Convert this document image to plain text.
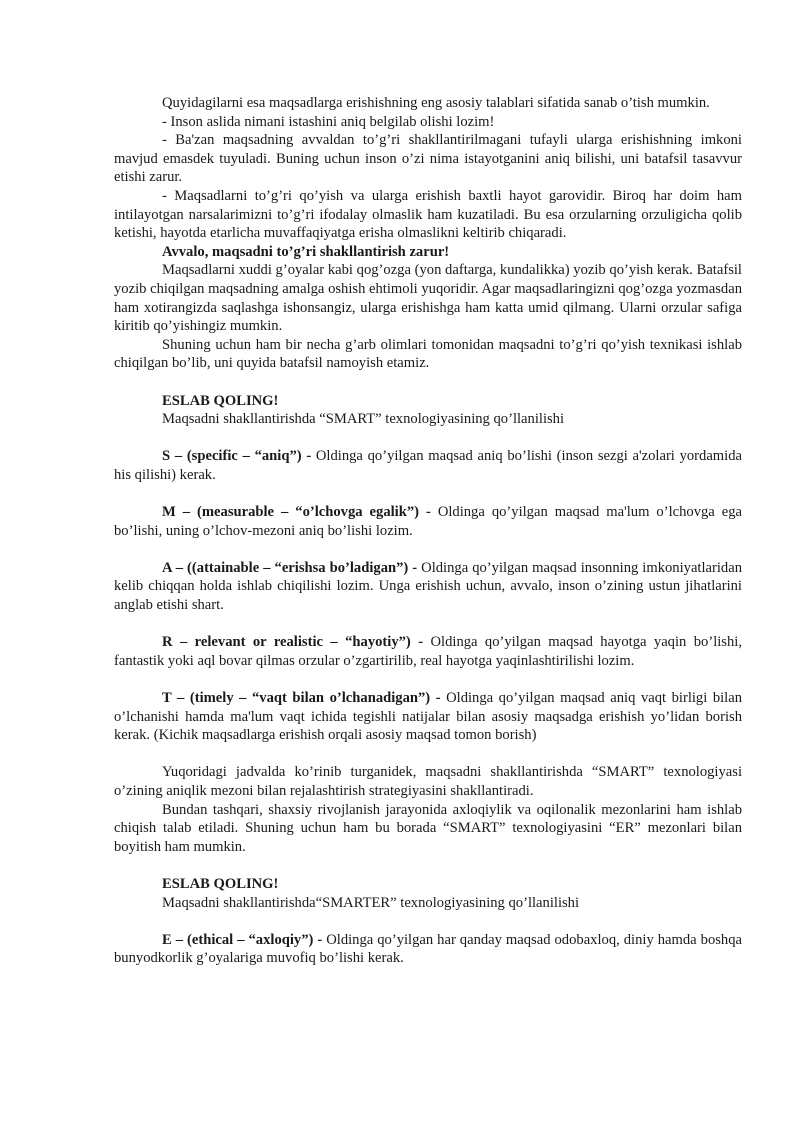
Quyidagilarni esa maqsadlarga erishishning eng asosiy talablari sifatida sanab o’tish mumkin.

- Inson aslida nimani istashini aniq belgilab olishi lozim!

- Ba'zan maqsadning avvaldan to’g’ri shakllantirilmagani tufayli ularga erishishning imkoni mavjud emasdek tuyuladi. Buning uchun inson o’zi nima istayotganini aniq bilishi, uni batafsil tasavvur etishi zarur.

- Maqsadlarni to’g’ri qo’yish va ularga erishish baxtli hayot garovidir. Biroq har doim ham intilayotgan narsalarimizni to’g’ri ifodalay olmaslik ham kuzatiladi. Bu esa orzularning orzuligicha qolib ketishi, hayotda etarlicha muvaffaqiyatga erisha olmaslikni keltirib chiqaradi.

Avvalo, maqsadni to’g’ri shakllantirish zarur!

Maqsadlarni xuddi g’oyalar kabi qog’ozga (yon daftarga, kundalikka) yozib qo’yish kerak. Batafsil yozib chiqilgan maqsadning amalga oshish ehtimoli yuqoridir. Agar maqsadlaringizni qog’ozga yozmasdan ham xotirangizda saqlashga ishonsangiz, ularga erishishga ham katta umid qilmang. Ularni orzular safiga kiritib qo’yishingiz mumkin.

Shuning uchun ham bir necha g’arb olimlari tomonidan maqsadni to’g’ri qo’yish texnikasi ishlab chiqilgan bo’lib, uni quyida batafsil namoyish etamiz.

ESLAB QOLING!

Maqsadni shakllantirishda “SMART” texnologiyasining qo’llanilishi

S – (specific – “aniq”) - Oldinga qo’yilgan maqsad aniq bo’lishi (inson sezgi a'zolari yordamida his qilishi) kerak.

M – (measurable – “o’lchovga egalik”) - Oldinga qo’yilgan maqsad ma'lum o’lchovga ega bo’lishi, uning o’lchov-mezoni aniq bo’lishi lozim.

A – ((attainable – “erishsa bo’ladigan”) - Oldinga qo’yilgan maqsad insonning imkoniyatlaridan kelib chiqqan holda ishlab chiqilishi lozim. Unga erishish uchun, avvalo, inson o’zining ustun jihatlarini anglab etishi shart.

R – relevant or realistic – “hayotiy”) - Oldinga qo’yilgan maqsad hayotga yaqin bo’lishi, fantastik yoki aql bovar qilmas orzular o’zgartirilib, real hayotga yaqinlashtirilishi lozim.

T – (timely – “vaqt bilan o’lchanadigan”) - Oldinga qo’yilgan maqsad aniq vaqt birligi bilan o’lchanishi hamda ma'lum vaqt ichida tegishli natijalar bilan asosiy maqsadga erishish yo’lidan borish kerak. (Kichik maqsadlarga erishish orqali asosiy maqsad tomon borish)

Yuqoridagi jadvalda ko’rinib turganidek, maqsadni shakllantirishda “SMART” texnologiyasi o’zining aniqlik mezoni bilan rejalashtirish strategiyasini shakllantiradi.

Bundan tashqari, shaxsiy rivojlanish jarayonida axloqiylik va oqilonalik mezonlarini ham ishlab chiqish talab etiladi. Shuning uchun ham bu borada “SMART” texnologiyasini “ER” mezonlari bilan boyitish ham mumkin.

ESLAB QOLING!

Maqsadni shakllantirishda“SMARTER” texnologiyasining qo’llanilishi

E – (ethical – “axloqiy”) - Oldinga qo’yilgan har qanday maqsad odobaxloq, diniy hamda boshqa bunyodkorlik g’oyalariga muvofiq bo’lishi kerak.
